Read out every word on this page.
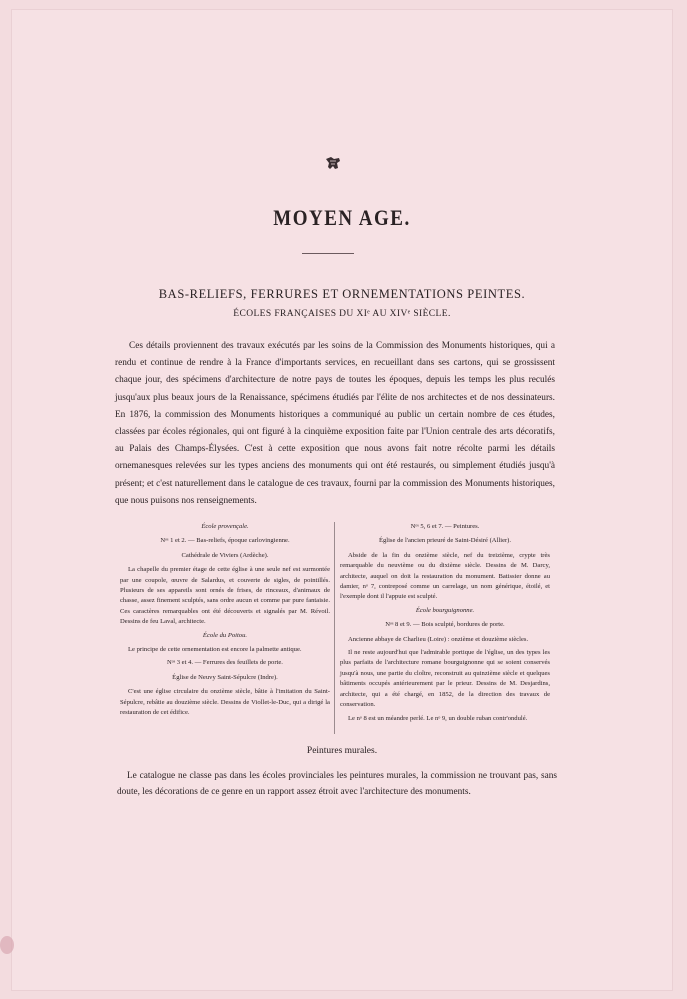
MOYEN AGE.
BAS-RELIEFS, FERRURES ET ORNEMENTATIONS PEINTES.
ÉCOLES FRANÇAISES DU XIᵉ AU XIVᵉ SIÈCLE.
Ces détails proviennent des travaux exécutés par les soins de la Commission des Monuments historiques, qui a rendu et continue de rendre à la France d'importants services, en recueillant dans ses cartons, qui se grossissent chaque jour, des spécimens d'architecture de notre pays de toutes les époques, depuis les temps les plus reculés jusqu'aux plus beaux jours de la Renaissance, spécimens étudiés par l'élite de nos architectes et de nos dessinateurs. En 1876, la commission des Monuments historiques a communiqué au public un certain nombre de ces études, classées par écoles régionales, qui ont figuré à la cinquième exposition faite par l'Union centrale des arts décoratifs, au Palais des Champs-Élysées. C'est à cette exposition que nous avons fait notre récolte parmi les détails ornemanesques relevées sur les types anciens des monuments qui ont été restaurés, ou simplement étudiés jusqu'à présent; et c'est naturellement dans le catalogue de ces travaux, fourni par la commission des Monuments historiques, que nous puisons nos renseignements.

École provençale.

Nᵒˢ 1 et 2. — Bas-reliefs, époque carlovingienne.

Cathédrale de Viviers (Ardèche).

La chapelle du premier étage de cette église à une seule nef est surmontée par une coupole, œuvre de Salardus, et couverte de sigles, de pointillés. Plusieurs de ses appareils sont ornés de frises, de rinceaux, d'animaux de chasse, assez finement sculptés, sans ordre aucun et comme par pure fantaisie. Ces caractères remarquables ont été découverts et signalés par M. Révoil. Dessins de feu Laval, architecte.

École du Poitou.

Le principe de cette ornementation est encore la palmette antique.

Nᵒˢ 3 et 4. — Ferrures des feuillets de porte.

Église de Neuvy Saint-Sépulcre (Indre).

C'est une église circulaire du onzième siècle, bâtie à l'imitation du Saint-Sépulcre, rebâtie au douzième siècle. Dessins de Viollet-le-Duc, qui a dirigé la restauration de cet édifice.

Nᵒˢ 5, 6 et 7. — Peintures.

Église de l'ancien prieuré de Saint-Désiré (Allier).

Abside de la fin du onzième siècle, nef du treizième, crypte très remarquable du neuvième ou du dixième siècle. Dessins de M. Darcy, architecte, auquel on doit la restauration du monument. Batissier donne au damier, nᵒ 7, contreposé comme un carrelage, un nom générique, étoilé, et l'exemple dont il l'appuie est sculpté.

École bourguignonne.

Nᵒˢ 8 et 9. — Bois sculpté, bordures de porte.

Ancienne abbaye de Charlieu (Loire) : onzième et douzième siècles.

Il ne reste aujourd'hui que l'admirable portique de l'église, un des types les plus parfaits de l'architecture romane bourguignonne qui se soient conservés jusqu'à nous, une partie du cloître, reconstruit au quinzième siècle et quelques bâtiments occupés antérieurement par le prieur. Dessins de M. Desjardins, architecte, qui a été chargé, en 1852, de la direction des travaux de conservation.

Le nᵒ 8 est un méandre perlé. Le nᵒ 9, un double ruban contr'ondulé.

Peintures murales.
Le catalogue ne classe pas dans les écoles provinciales les peintures murales, la commission ne trouvant pas, sans doute, les décorations de ce genre en un rapport assez étroit avec l'architecture des monuments.
